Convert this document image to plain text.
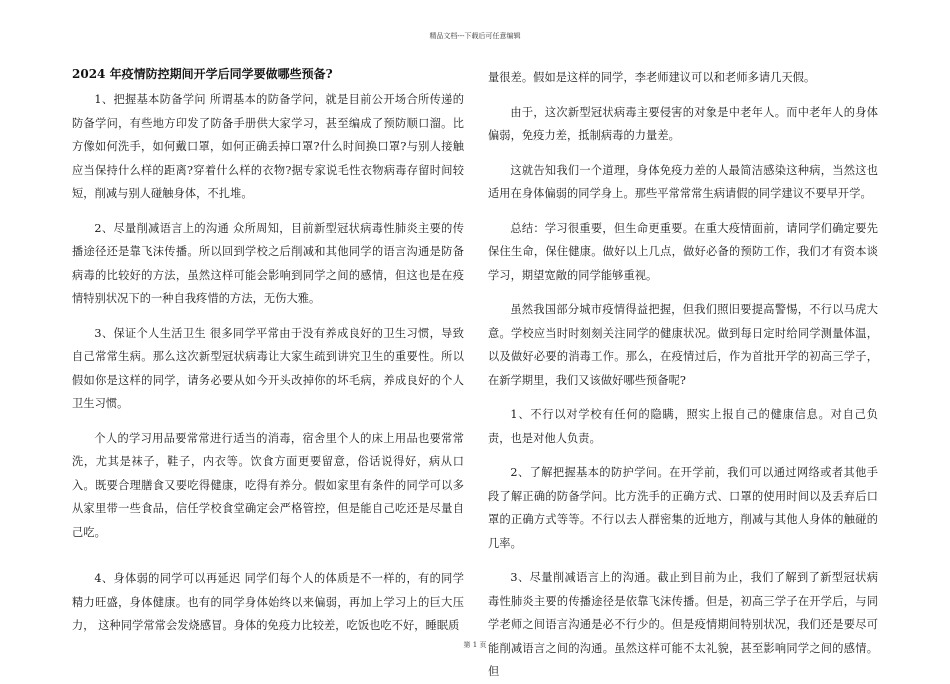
精品文档---下载后可任意编辑

2024 年疫情防控期间开学后同学要做哪些预备?

1、把握基本防备学问 所谓基本的防备学问，就是目前公开场合所传递的防备学问，有些地方印发了防备手册供大家学习，甚至编成了预防顺口溜。比方像如何洗手，如何戴口罩，如何正确丢掉口罩?什么时间换口罩?与别人接触应当保持什么样的距离?穿着什么样的衣物?据专家说毛性衣物病毒存留时间较短，削减与别人碰触身体，不扎堆。

2、尽量削减语言上的沟通 众所周知，目前新型冠状病毒性肺炎主要的传播途径还是靠飞沫传播。所以回到学校之后削减和其他同学的语言沟通是防备病毒的比较好的方法，虽然这样可能会影响到同学之间的感情，但这也是在疫情特别状况下的一种自我疼惜的方法，无伤大雅。

3、保证个人生活卫生 很多同学平常由于没有养成良好的卫生习惯，导致自己常常生病。那么这次新型冠状病毒让大家生疏到讲究卫生的重要性。所以假如你是这样的同学，请务必要从如今开头改掉你的坏毛病，养成良好的个人卫生习惯。

个人的学习用品要常常进行适当的消毒，宿舍里个人的床上用品也要常常洗，尤其是袜子，鞋子，内衣等。饮食方面更要留意，俗话说得好，病从口入。既要合理膳食又要吃得健康，吃得有养分。假如家里有条件的同学可以多从家里带一些食品，信任学校食堂确定会严格管控，但是能自己吃还是尽量自己吃。

4、身体弱的同学可以再延迟 同学们每个人的体质是不一样的，有的同学精力旺盛，身体健康。也有的同学身体始终以来偏弱，再加上学习上的巨大压力， 这种同学常常会发烧感冒。身体的免疫力比较差，吃饭也吃不好，睡眠质

量很差。假如是这样的同学，李老师建议可以和老师多请几天假。

由于，这次新型冠状病毒主要侵害的对象是中老年人。而中老年人的身体偏弱，免疫力差，抵制病毒的力量差。

这就告知我们一个道理，身体免疫力差的人最简洁感染这种病，当然这也适用在身体偏弱的同学身上。那些平常常常生病请假的同学建议不要早开学。

总结：学习很重要，但生命更重要。在重大疫情面前，请同学们确定要先保住生命，保住健康。做好以上几点，做好必备的预防工作，我们才有资本谈学习，期望宽敞的同学能够重视。

虽然我国部分城市疫情得益把握，但我们照旧要提高警惕，不行以马虎大意。学校应当时时刻刻关注同学的健康状况。做到每日定时给同学测量体温，以及做好必要的消毒工作。那么，在疫情过后，作为首批开学的初高三学子，在新学期里，我们又该做好哪些预备呢?

1、不行以对学校有任何的隐瞒，照实上报自己的健康信息。对自己负责，也是对他人负责。

2、了解把握基本的防护学问。在开学前，我们可以通过网络或者其他手段了解正确的防备学问。比方洗手的正确方式、口罩的使用时间以及丢弃后口罩的正确方式等等。不行以去人群密集的近地方，削减与其他人身体的触碰的几率。

3、尽量削减语言上的沟通。截止到目前为止，我们了解到了新型冠状病毒性肺炎主要的传播途径是依靠飞沫传播。但是，初高三学子在开学后，与同学老师之间语言沟通是必不行少的。但是疫情期间特别状况，我们还是要尽可能削减语言之间的沟通。虽然这样可能不太礼貌，甚至影响同学之间的感情。但

第 1 页
